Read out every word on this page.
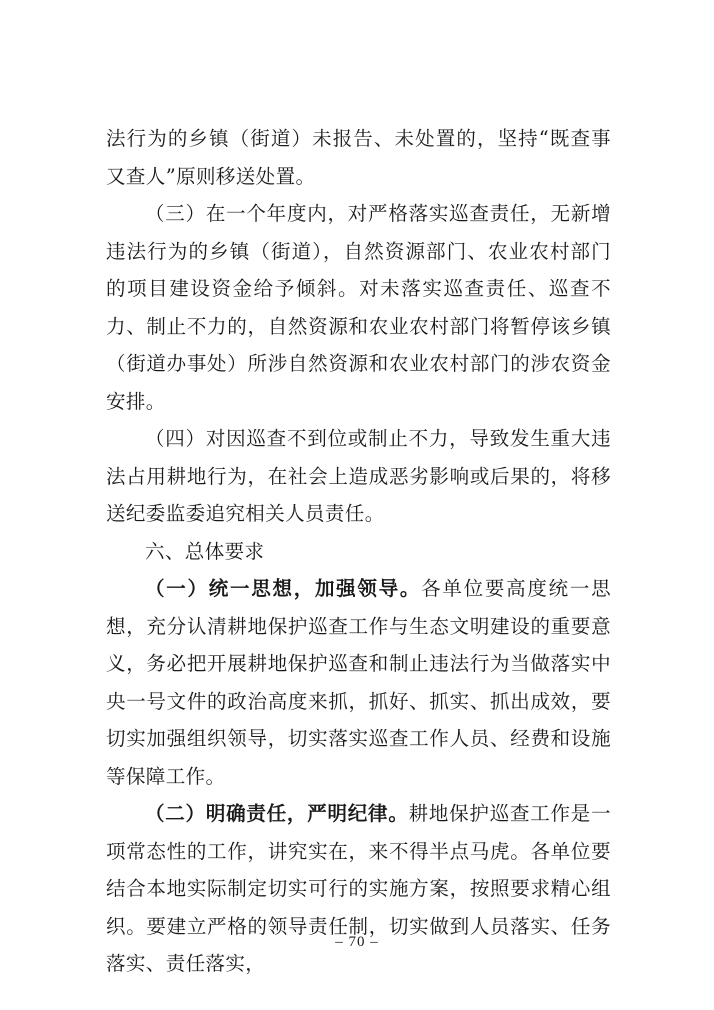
法行为的乡镇（街道）未报告、未处置的，坚持“既查事又查人”原则移送处置。

（三）在一个年度内，对严格落实巡查责任，无新增违法行为的乡镇（街道），自然资源部门、农业农村部门的项目建设资金给予倾斜。对未落实巡查责任、巡查不力、制止不力的，自然资源和农业农村部门将暂停该乡镇（街道办事处）所涉自然资源和农业农村部门的涉农资金安排。

（四）对因巡查不到位或制止不力，导致发生重大违法占用耕地行为，在社会上造成恶劣影响或后果的，将移送纪委监委追究相关人员责任。

六、总体要求

（一）统一思想，加强领导。各单位要高度统一思想，充分认清耕地保护巡查工作与生态文明建设的重要意义，务必把开展耕地保护巡查和制止违法行为当做落实中央一号文件的政治高度来抓，抓好、抓实、抓出成效，要切实加强组织领导，切实落实巡查工作人员、经费和设施等保障工作。

（二）明确责任，严明纪律。耕地保护巡查工作是一项常态性的工作，讲究实在，来不得半点马虎。各单位要结合本地实际制定切实可行的实施方案，按照要求精心组织。要建立严格的领导责任制，切实做到人员落实、任务落实、责任落实，

– 70 –
